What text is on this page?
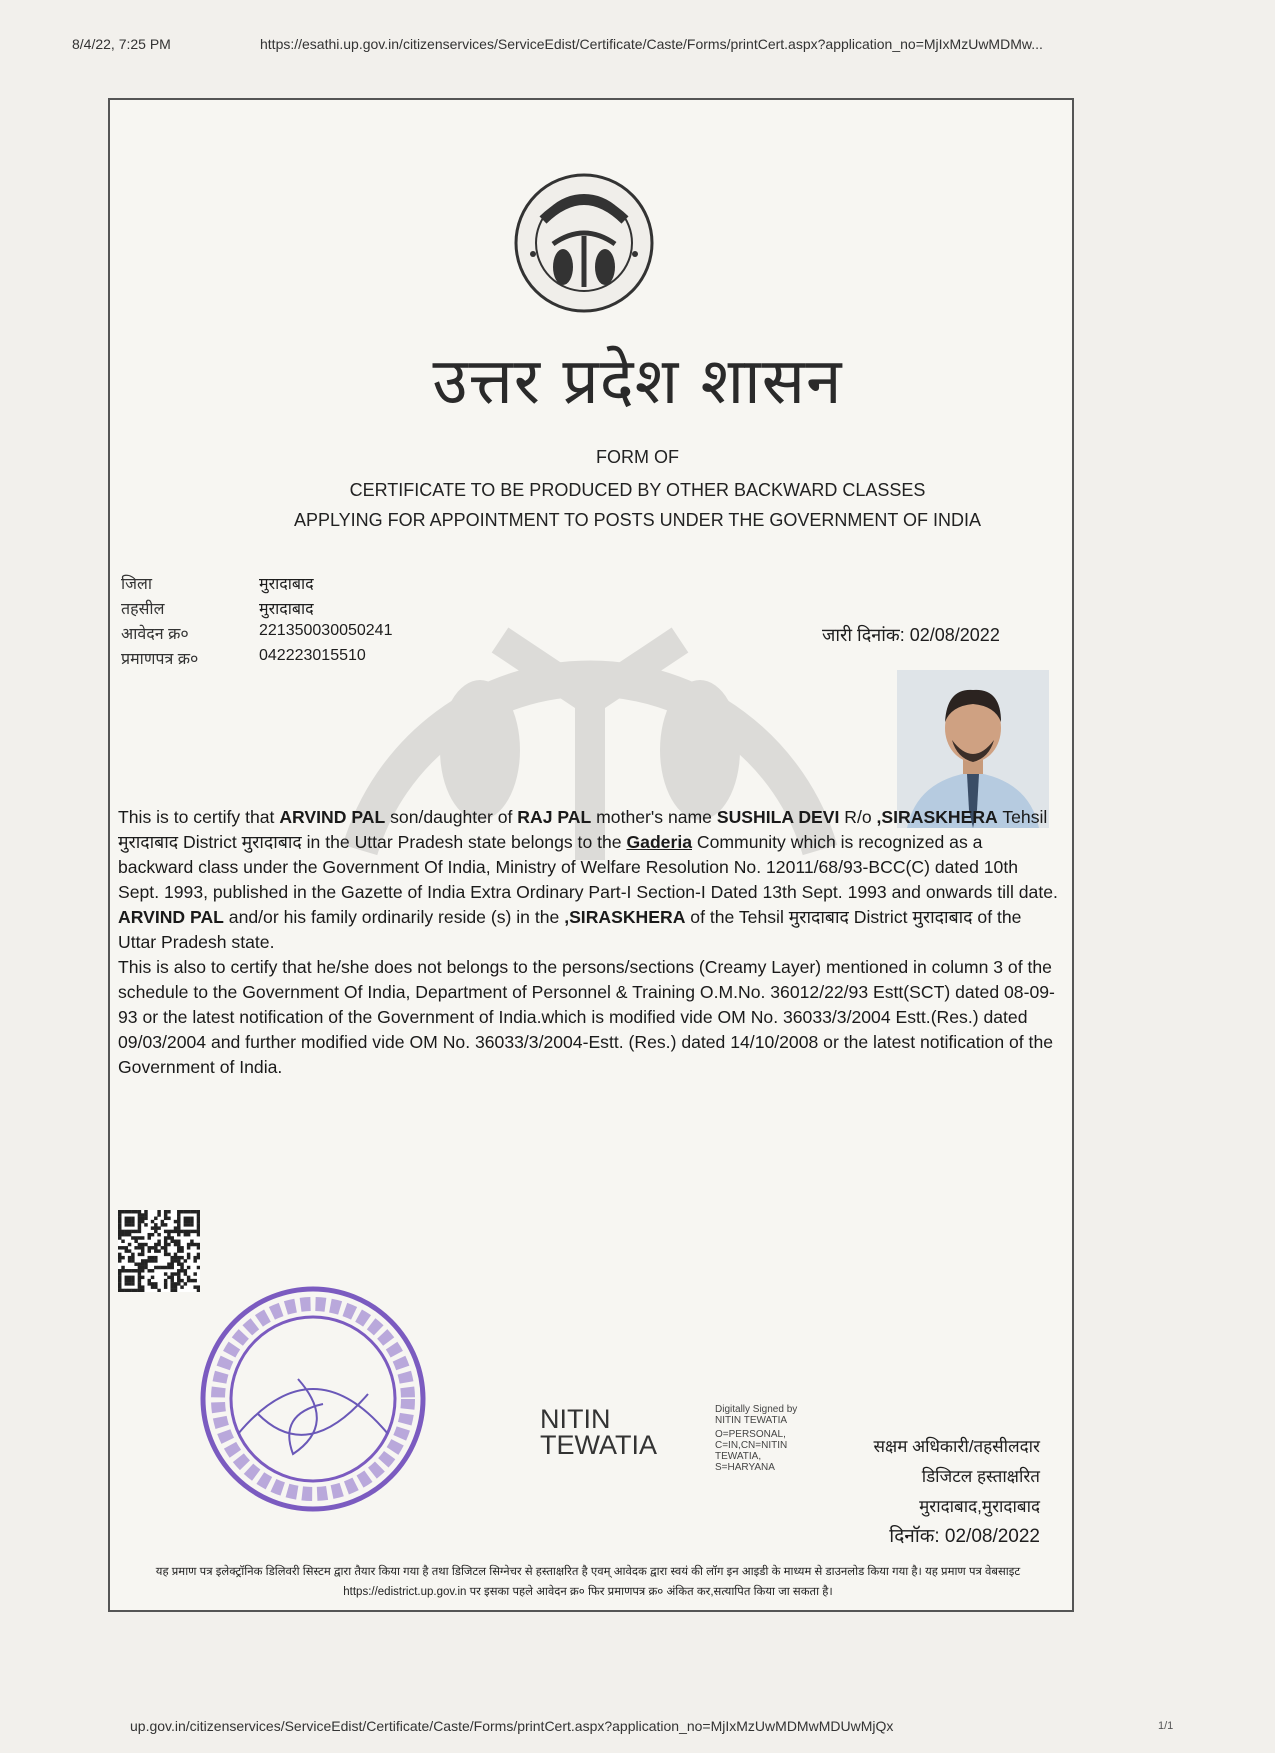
8/4/22, 7:25 PM	https://esathi.up.gov.in/citizenservices/ServiceEdist/Certificate/Caste/Forms/printCert.aspx?application_no=MjIxMzUwMDMw...
उत्तर प्रदेश शासन
FORM OF
CERTIFICATE TO BE PRODUCED BY OTHER BACKWARD CLASSES
APPLYING FOR APPOINTMENT TO POSTS UNDER THE GOVERNMENT OF INDIA
जिला	मुरादाबाद
तहसील	मुरादाबाद
आवेदन क्र०	221350030050241
प्रमाणपत्र क्र०	042223015510
जारी दिनांक: 02/08/2022

This is to certify that ARVIND PAL son/daughter of RAJ PAL mother's name SUSHILA DEVI R/o ,SIRASKHERA Tehsil मुरादाबाद District मुरादाबाद in the Uttar Pradesh state belongs to the Gaderia Community which is recognized as a backward class under the Government Of India, Ministry of Welfare Resolution No. 12011/68/93-BCC(C) dated 10th Sept. 1993, published in the Gazette of India Extra Ordinary Part-I Section-I Dated 13th Sept. 1993 and onwards till date.

ARVIND PAL and/or his family ordinarily reside (s) in the ,SIRASKHERA of the Tehsil मुरादाबाद District मुरादाबाद of the Uttar Pradesh state.

This is also to certify that he/she does not belongs to the persons/sections (Creamy Layer) mentioned in column 3 of the schedule to the Government Of India, Department of Personnel & Training O.M.No. 36012/22/93 Estt(SCT) dated 08-09-93 or the latest notification of the Government of India.which is modified vide OM No. 36033/3/2004 Estt.(Res.) dated 09/03/2004 and further modified vide OM No. 36033/3/2004-Estt. (Res.) dated 14/10/2008 or the latest notification of the Government of India.

NITIN
TEWATIA
Digitally Signed by
NITIN TEWATIA
O=PERSONAL,
C=IN,CN=NITIN
TEWATIA,
S=HARYANA
सक्षम अधिकारी/तहसीलदार
डिजिटल हस्ताक्षरित
मुरादाबाद,मुरादाबाद
दिनॉक: 02/08/2022
यह प्रमाण पत्र इलेक्ट्रॉनिक डिलिवरी सिस्टम द्वारा तैयार किया गया है तथा डिजिटल सिग्नेचर से हस्ताक्षरित है एवम् आवेदक द्वारा स्वयं की लॉग इन आइडी के माध्यम से डाउनलोड किया गया है। यह प्रमाण पत्र वेबसाइट https://edistrict.up.gov.in पर इसका पहले आवेदन क्र० फिर प्रमाणपत्र क्र० अंकित कर,सत्यापित किया जा सकता है।
up.gov.in/citizenservices/ServiceEdist/Certificate/Caste/Forms/printCert.aspx?application_no=MjIxMzUwMDMwMDUwMjQx	1/1
